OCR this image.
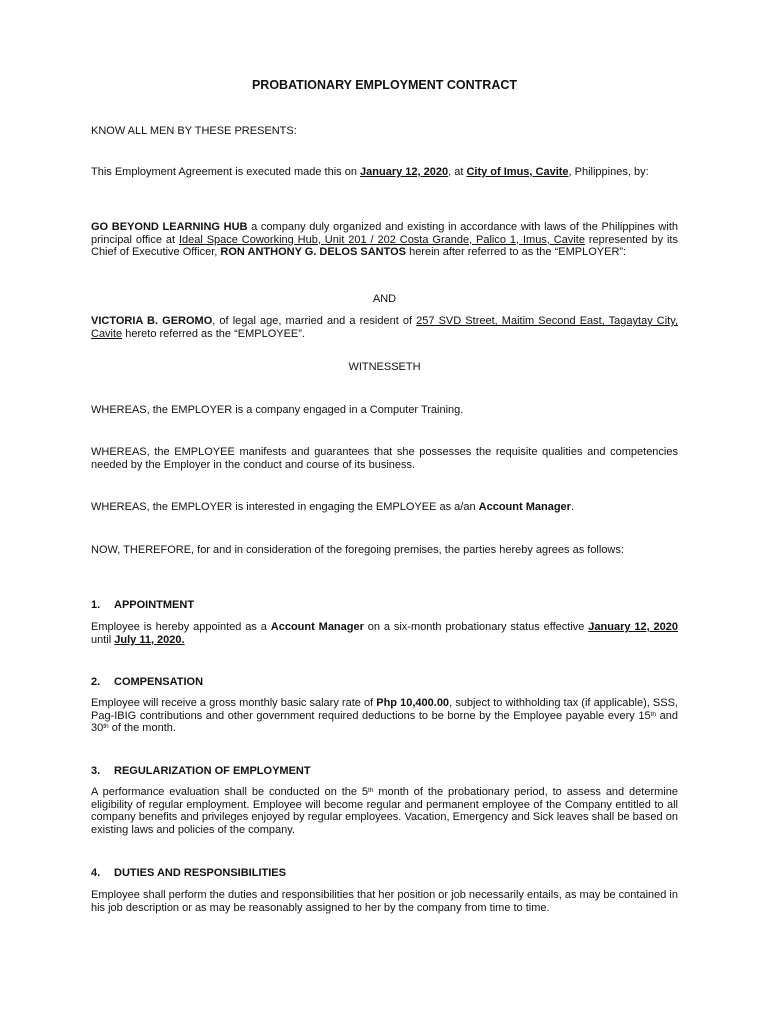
PROBATIONARY EMPLOYMENT CONTRACT

KNOW ALL MEN BY THESE PRESENTS:

This Employment Agreement is executed made this on January 12, 2020, at City of Imus, Cavite, Philippines, by:

GO BEYOND LEARNING HUB a company duly organized and existing in accordance with laws of the Philippines with principal office at Ideal Space Coworking Hub, Unit 201 / 202 Costa Grande, Palico 1, Imus, Cavite represented by its Chief of Executive Officer, RON ANTHONY G. DELOS SANTOS herein after referred to as the “EMPLOYER”:

AND

VICTORIA B. GEROMO, of legal age, married and a resident of 257 SVD Street, Maitim Second East, Tagaytay City, Cavite hereto referred as the “EMPLOYEE”.

WITNESSETH

WHEREAS, the EMPLOYER is a company engaged in a Computer Training.

WHEREAS, the EMPLOYEE manifests and guarantees that she possesses the requisite qualities and competencies needed by the Employer in the conduct and course of its business.

WHEREAS, the EMPLOYER is interested in engaging the EMPLOYEE as a/an Account Manager.

NOW, THEREFORE, for and in consideration of the foregoing premises, the parties hereby agrees as follows:

1. APPOINTMENT

Employee is hereby appointed as a Account Manager on a six-month probationary status effective January 12, 2020 until July 11, 2020.

2. COMPENSATION

Employee will receive a gross monthly basic salary rate of Php 10,400.00, subject to withholding tax (if applicable), SSS, Pag-IBIG contributions and other government required deductions to be borne by the Employee payable every 15th and 30th of the month.

3. REGULARIZATION OF EMPLOYMENT

A performance evaluation shall be conducted on the 5th month of the probationary period, to assess and determine eligibility of regular employment. Employee will become regular and permanent employee of the Company entitled to all company benefits and privileges enjoyed by regular employees. Vacation, Emergency and Sick leaves shall be based on existing laws and policies of the company.

4. DUTIES AND RESPONSIBILITIES

Employee shall perform the duties and responsibilities that her position or job necessarily entails, as may be contained in his job description or as may be reasonably assigned to her by the company from time to time.
